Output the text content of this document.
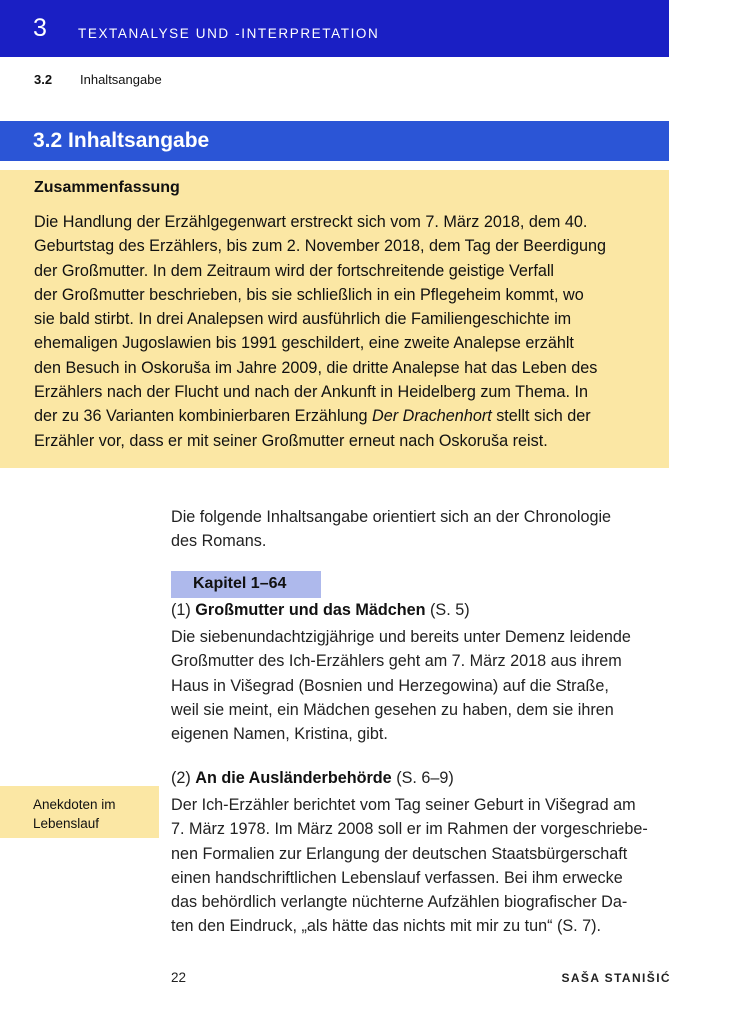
3 TEXTANALYSE UND -INTERPRETATION
3.2 Inhaltsangabe
3.2 Inhaltsangabe
Zusammenfassung
Die Handlung der Erzählgegenwart erstreckt sich vom 7. März 2018, dem 40.
Geburtstag des Erzählers, bis zum 2. November 2018, dem Tag der Beerdigung
der Großmutter. In dem Zeitraum wird der fortschreitende geistige Verfall
der Großmutter beschrieben, bis sie schließlich in ein Pflegeheim kommt, wo
sie bald stirbt. In drei Analepsen wird ausführlich die Familiengeschichte im
ehemaligen Jugoslawien bis 1991 geschildert, eine zweite Analepse erzählt
den Besuch in Oskoruša im Jahre 2009, die dritte Analepse hat das Leben des
Erzählers nach der Flucht und nach der Ankunft in Heidelberg zum Thema. In
der zu 36 Varianten kombinierbaren Erzählung Der Drachenhort stellt sich der
Erzähler vor, dass er mit seiner Großmutter erneut nach Oskoruša reist.
Die folgende Inhaltsangabe orientiert sich an der Chronologie
des Romans.
Kapitel 1–64
(1) Großmutter und das Mädchen (S. 5)
Die siebenundachtzigjährige und bereits unter Demenz leidende
Großmutter des Ich-Erzählers geht am 7. März 2018 aus ihrem
Haus in Višegrad (Bosnien und Herzegowina) auf die Straße,
weil sie meint, ein Mädchen gesehen zu haben, dem sie ihren
eigenen Namen, Kristina, gibt.
(2) An die Ausländerbehörde (S. 6–9)
Der Ich-Erzähler berichtet vom Tag seiner Geburt in Višegrad am
7. März 1978. Im März 2008 soll er im Rahmen der vorgeschriebe-
nen Formalien zur Erlangung der deutschen Staatsbürgerschaft
einen handschriftlichen Lebenslauf verfassen. Bei ihm erwecke
das behördlich verlangte nüchterne Aufzählen biografischer Da-
ten den Eindruck, „als hätte das nichts mit mir zu tun“ (S. 7).
Anekdoten im
Lebenslauf
22	SAŠA STANIŠIĆ
